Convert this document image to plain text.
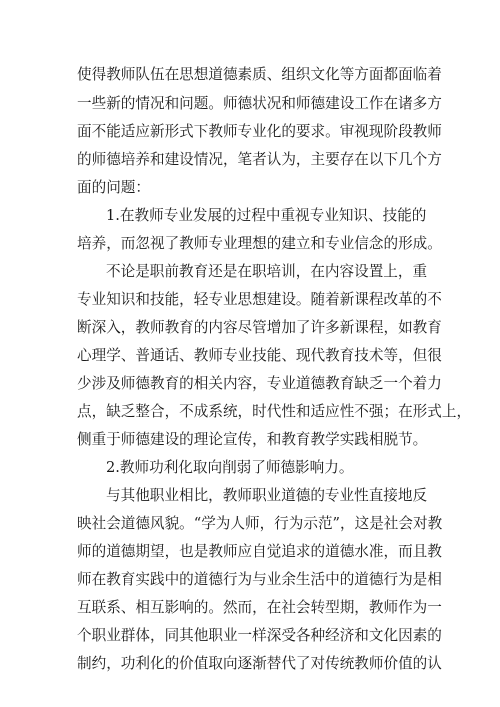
使得教师队伍在思想道德素质、组织文化等方面都面临着
一些新的情况和问题。师德状况和师德建设工作在诸多方
面不能适应新形式下教师专业化的要求。审视现阶段教师
的师德培养和建设情况，笔者认为，主要存在以下几个方
面的问题：
1.在教师专业发展的过程中重视专业知识、技能的
培养，而忽视了教师专业理想的建立和专业信念的形成。
不论是职前教育还是在职培训，在内容设置上，重
专业知识和技能，轻专业思想建设。随着新课程改革的不
断深入，教师教育的内容尽管增加了许多新课程，如教育
心理学、普通话、教师专业技能、现代教育技术等，但很
少涉及师德教育的相关内容，专业道德教育缺乏一个着力
点，缺乏整合，不成系统，时代性和适应性不强；在形式上，
侧重于师德建设的理论宣传，和教育教学实践相脱节。
2.教师功利化取向削弱了师德影响力。
与其他职业相比，教师职业道德的专业性直接地反
映社会道德风貌。“学为人师，行为示范”，这是社会对教
师的道德期望，也是教师应自觉追求的道德水准，而且教
师在教育实践中的道德行为与业余生活中的道德行为是相
互联系、相互影响的。然而，在社会转型期，教师作为一
个职业群体，同其他职业一样深受各种经济和文化因素的
制约，功利化的价值取向逐渐替代了对传统教师价值的认
